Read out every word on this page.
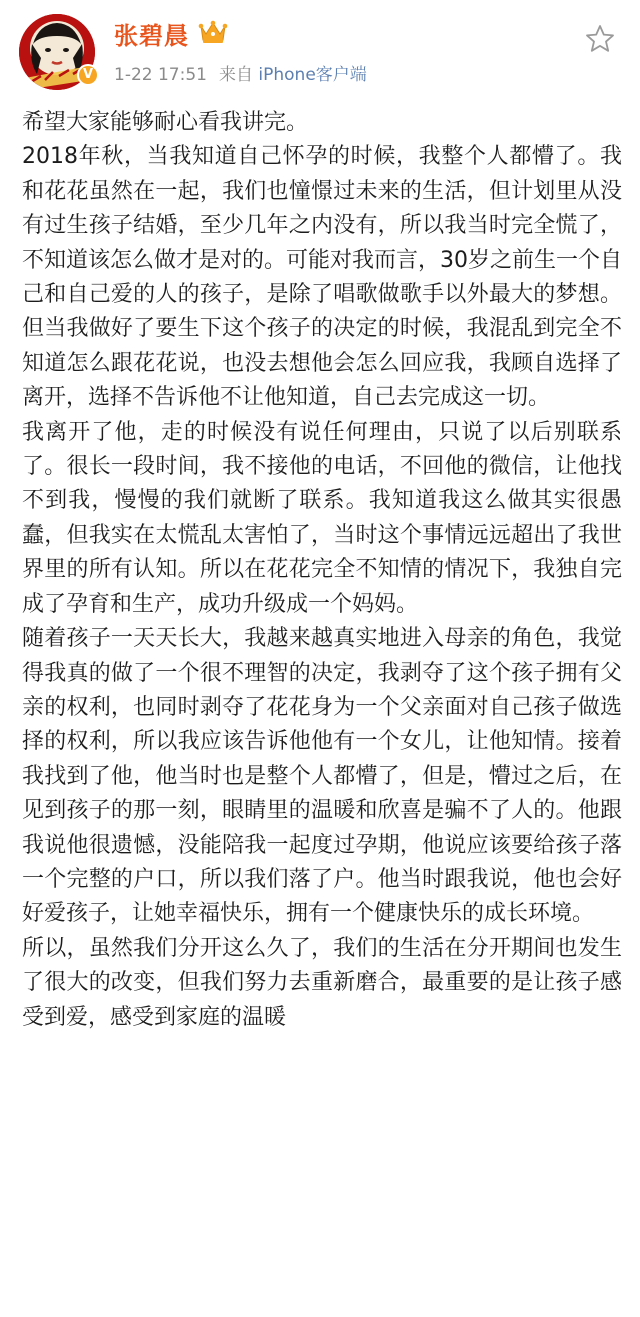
V
张碧晨
1-22 17:51 来自 iPhone客户端

希望大家能够耐心看我讲完。

2018年秋，当我知道自己怀孕的时候，我整个人都懵了。我和花花虽然在一起，我们也憧憬过未来的生活，但计划里从没有过生孩子结婚，至少几年之内没有，所以我当时完全慌了，不知道该怎么做才是对的。可能对我而言，30岁之前生一个自己和自己爱的人的孩子，是除了唱歌做歌手以外最大的梦想。但当我做好了要生下这个孩子的决定的时候，我混乱到完全不知道怎么跟花花说，也没去想他会怎么回应我，我顾自选择了离开，选择不告诉他不让他知道，自己去完成这一切。

我离开了他，走的时候没有说任何理由，只说了以后别联系了。很长一段时间，我不接他的电话，不回他的微信，让他找不到我，慢慢的我们就断了联系。我知道我这么做其实很愚蠢，但我实在太慌乱太害怕了，当时这个事情远远超出了我世界里的所有认知。所以在花花完全不知情的情况下，我独自完成了孕育和生产，成功升级成一个妈妈。

随着孩子一天天长大，我越来越真实地进入母亲的角色，我觉得我真的做了一个很不理智的决定，我剥夺了这个孩子拥有父亲的权利，也同时剥夺了花花身为一个父亲面对自己孩子做选择的权利，所以我应该告诉他他有一个女儿，让他知情。接着我找到了他，他当时也是整个人都懵了，但是，懵过之后，在见到孩子的那一刻，眼睛里的温暖和欣喜是骗不了人的。他跟我说他很遗憾，没能陪我一起度过孕期，他说应该要给孩子落一个完整的户口，所以我们落了户。他当时跟我说，他也会好好爱孩子，让她幸福快乐，拥有一个健康快乐的成长环境。

所以，虽然我们分开这么久了，我们的生活在分开期间也发生了很大的改变，但我们努力去重新磨合，最重要的是让孩子感受到爱，感受到家庭的温暖
